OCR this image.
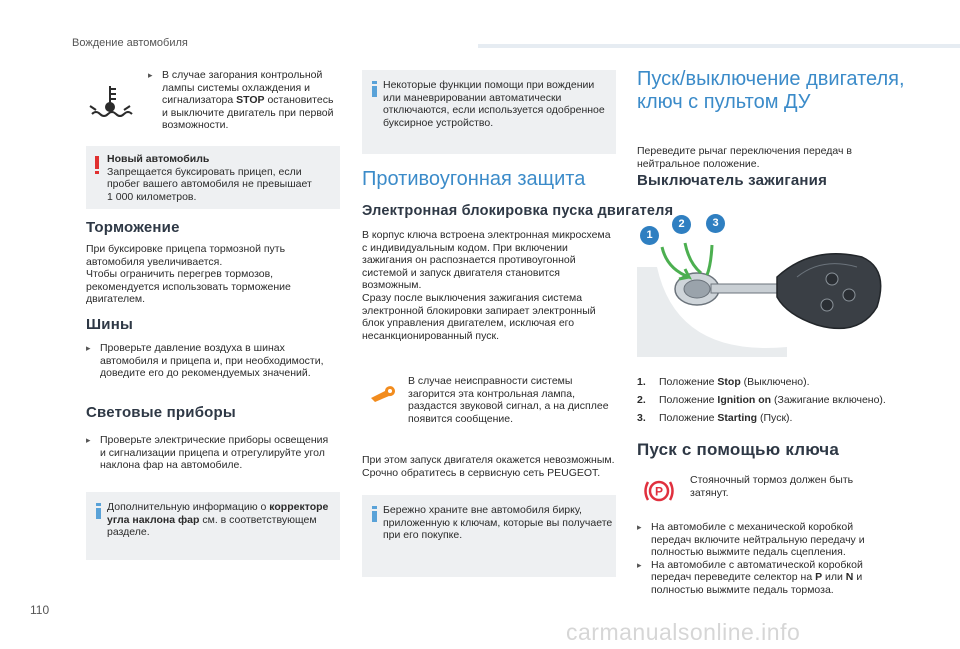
Вождение автомобиля
▸ В случае загорания контрольной
лампы системы охлаждения и
сигнализатора STOP остановитесь
и выключите двигатель при первой
возможности.
Новый автомобиль
Запрещается буксировать прицеп, если
пробег вашего автомобиля не превышает
1 000 километров.
Торможение
При буксировке прицепа тормозной путь
автомобиля увеличивается.
Чтобы ограничить перегрев тормозов,
рекомендуется использовать торможение
двигателем.
Шины
▸ Проверьте давление воздуха в шинах
автомобиля и прицепа и, при необходимости,
доведите его до рекомендуемых значений.
Световые приборы
▸ Проверьте электрические приборы освещения
и сигнализации прицепа и отрегулируйте угол
наклона фар на автомобиле.
Дополнительную информацию о корректоре
угла наклона фар см. в соответствующем
разделе.
Некоторые функции помощи при вождении
или маневрировании автоматически
отключаются, если используется одобренное
буксирное устройство.
Противоугонная защита
Электронная блокировка пуска двигателя
В корпус ключа встроена электронная микросхема
с индивидуальным кодом. При включении
зажигания он распознается противоугонной
системой и запуск двигателя становится
возможным.
Сразу после выключения зажигания система
электронной блокировки запирает электронный
блок управления двигателем, исключая его
несанкционированный пуск.
В случае неисправности системы
загорится эта контрольная лампа,
раздастся звуковой сигнал, а на дисплее
появится сообщение.
При этом запуск двигателя окажется невозможным.
Срочно обратитесь в сервисную сеть PEUGEOT.
Бережно храните вне автомобиля бирку,
приложенную к ключам, которые вы получаете
при его покупке.
Пуск/выключение двигателя,
ключ с пультом ДУ
Переведите рычаг переключения передач в
нейтральное положение.
Выключатель зажигания
1
2	3
1. Положение Stop (Выключено).
2. Положение Ignition on (Зажигание включено).
3. Положение Starting (Пуск).
Пуск с помощью ключа
P
Стояночный тормоз должен быть
затянут.
▸ На автомобиле с механической коробкой
передач включите нейтральную передачу и
полностью выжмите педаль сцепления.
▸ На автомобиле с автоматической коробкой
передач переведите селектор на P или N и
полностью выжмите педаль тормоза.
110
carmanualsonline.info
